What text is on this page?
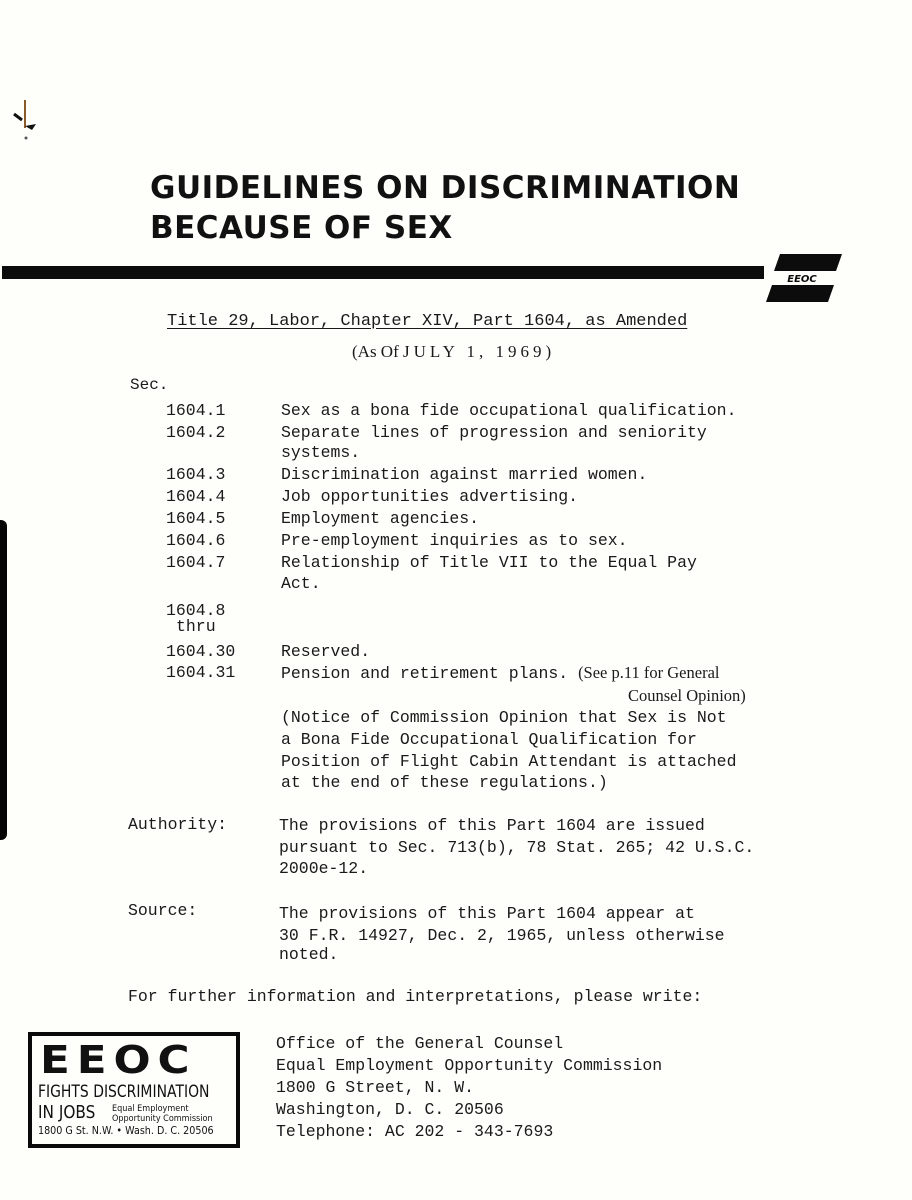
GUIDELINES ON DISCRIMINATION
BECAUSE OF SEX
EEOC
Title 29, Labor, Chapter XIV, Part 1604, as Amended
(As Of JULY 1, 1969)
Sec.
1604.1	Sex as a bona fide occupational qualification.
1604.2	Separate lines of progression and seniority
systems.
1604.3	Discrimination against married women.
1604.4	Job opportunities advertising.
1604.5	Employment agencies.
1604.6	Pre-employment inquiries as to sex.
1604.7	Relationship of Title VII to the Equal Pay
Act.
1604.8
thru
1604.30	Reserved.
1604.31	Pension and retirement plans. (See p.11 for General
Counsel Opinion)
(Notice of Commission Opinion that Sex is Not
a Bona Fide Occupational Qualification for
Position of Flight Cabin Attendant is attached
at the end of these regulations.)
Authority:	The provisions of this Part 1604 are issued
pursuant to Sec. 713(b), 78 Stat. 265; 42 U.S.C.
2000e-12.
Source:	The provisions of this Part 1604 appear at
30 F.R. 14927, Dec. 2, 1965, unless otherwise
noted.
For further information and interpretations, please write:
EEOC
FIGHTS DISCRIMINATION
IN JOBS Equal Employment
Opportunity Commission
1800 G St. N.W. • Wash. D. C. 20506
Office of the General Counsel
Equal Employment Opportunity Commission
1800 G Street, N. W.
Washington, D. C. 20506
Telephone: AC 202 - 343-7693
